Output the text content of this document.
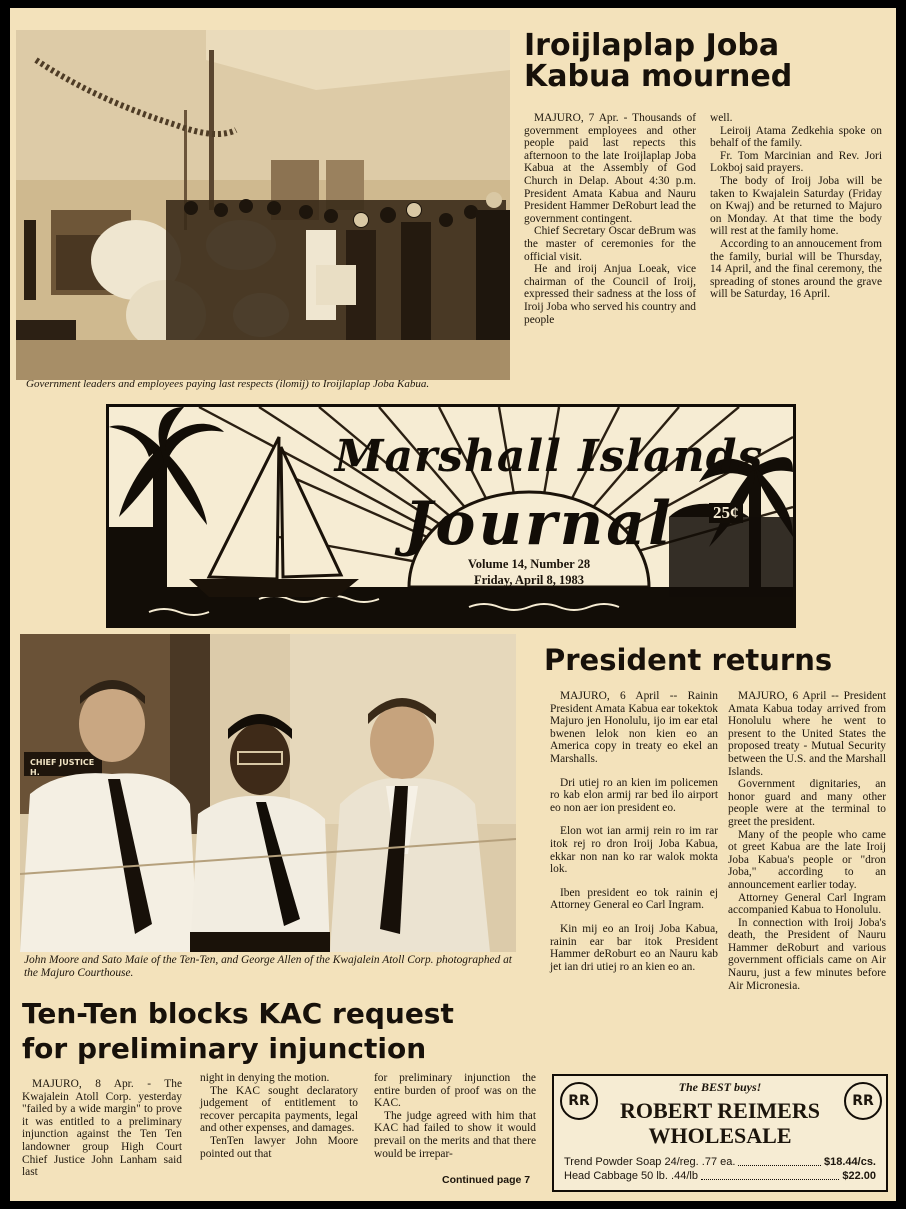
Government leaders and employees paying last respects (ilomij) to Iroijlaplap Joba Kabua.
Iroijlaplap Joba
Kabua mourned

MAJURO, 7 Apr. - Thousands of government employees and other people paid last repects this afternoon to the late Iroijlaplap Joba Kabua at the Assembly of God Church in Delap. About 4:30 p.m. President Amata Kabua and Nauru President Hammer DeRoburt lead the government contingent.

Chief Secretary Oscar deBrum was the master of ceremonies for the official visit.

He and iroij Anjua Loeak, vice chairman of the Council of Iroij, expressed their sadness at the loss of Iroij Joba who served his country and people

well.

Leiroij Atama Zedkehia spoke on behalf of the family.

Fr. Tom Marcinian and Rev. Jori Lokboj said prayers.

The body of Iroij Joba will be taken to Kwajalein Saturday (Friday on Kwaj) and be returned to Majuro on Monday. At that time the body will rest at the family home.

According to an annoucement from the family, burial will be Thursday, 14 April, and the final ceremony, the spreading of stones around the grave will be Saturday, 16 April.

Marshall Islands
Journal 25¢
Volume 14, Number 28
Friday, April 8, 1983
CHIEF JUSTICE H.
John Moore and Sato Maie of the Ten-Ten, and George Allen of the Kwajalein Atoll Corp. photographed at the Majuro Courthouse.
President returns

MAJURO, 6 April -- Rainin President Amata Kabua ear tokektok Majuro jen Honolulu, ijo im ear etal bwenen lelok non kien eo an America copy in treaty eo ekel an Marshalls.

Dri utiej ro an kien im policemen ro kab elon armij rar bed ilo airport eo non aer ion president eo.

Elon wot ian armij rein ro im rar itok rej ro dron Iroij Joba Kabua, ekkar non nan ko rar walok mokta lok.

Iben president eo tok rainin ej Attorney General eo Carl Ingram.

Kin mij eo an Iroij Joba Kabua, rainin ear bar itok President Hammer deRoburt eo an Nauru kab jet ian dri utiej ro an kien eo an.

MAJURO, 6 April -- President Amata Kabua today arrived from Honolulu where he went to present to the United States the proposed treaty - Mutual Security between the U.S. and the Marshall Islands.

Government dignitaries, an honor guard and many other people were at the terminal to greet the president.

Many of the people who came ot greet Kabua are the late Iroij Joba Kabua's people or "dron Joba," according to an announcement earlier today.

Attorney General Carl Ingram accompanied Kabua to Honolulu.

In connection with Iroij Joba's death, the President of Nauru Hammer deRoburt and various government officials came on Air Nauru, just a few minutes before Air Micronesia.

Ten-Ten blocks KAC request
for preliminary injunction

MAJURO, 8 Apr. - The Kwajalein Atoll Corp. yesterday "failed by a wide margin" to prove it was entitled to a preliminary injunction against the Ten Ten landowner group High Court Chief Justice John Lanham said last

night in denying the motion.

The KAC sought declaratory judgement of entitlement to recover percapita payments, legal and other expenses, and damages.

TenTen lawyer John Moore pointed out that

for preliminary injunction the entire burden of proof was on the KAC.

The judge agreed with him that KAC had failed to show it would prevail on the merits and that there would be irrepar-

Continued page 7
RR	RR
The BEST buys!
ROBERT REIMERS
WHOLESALE
Trend Powder Soap 24/reg.
.77 ea.	$18.44/cs.
Head Cabbage 50 lb.
.44/lb	$22.00
